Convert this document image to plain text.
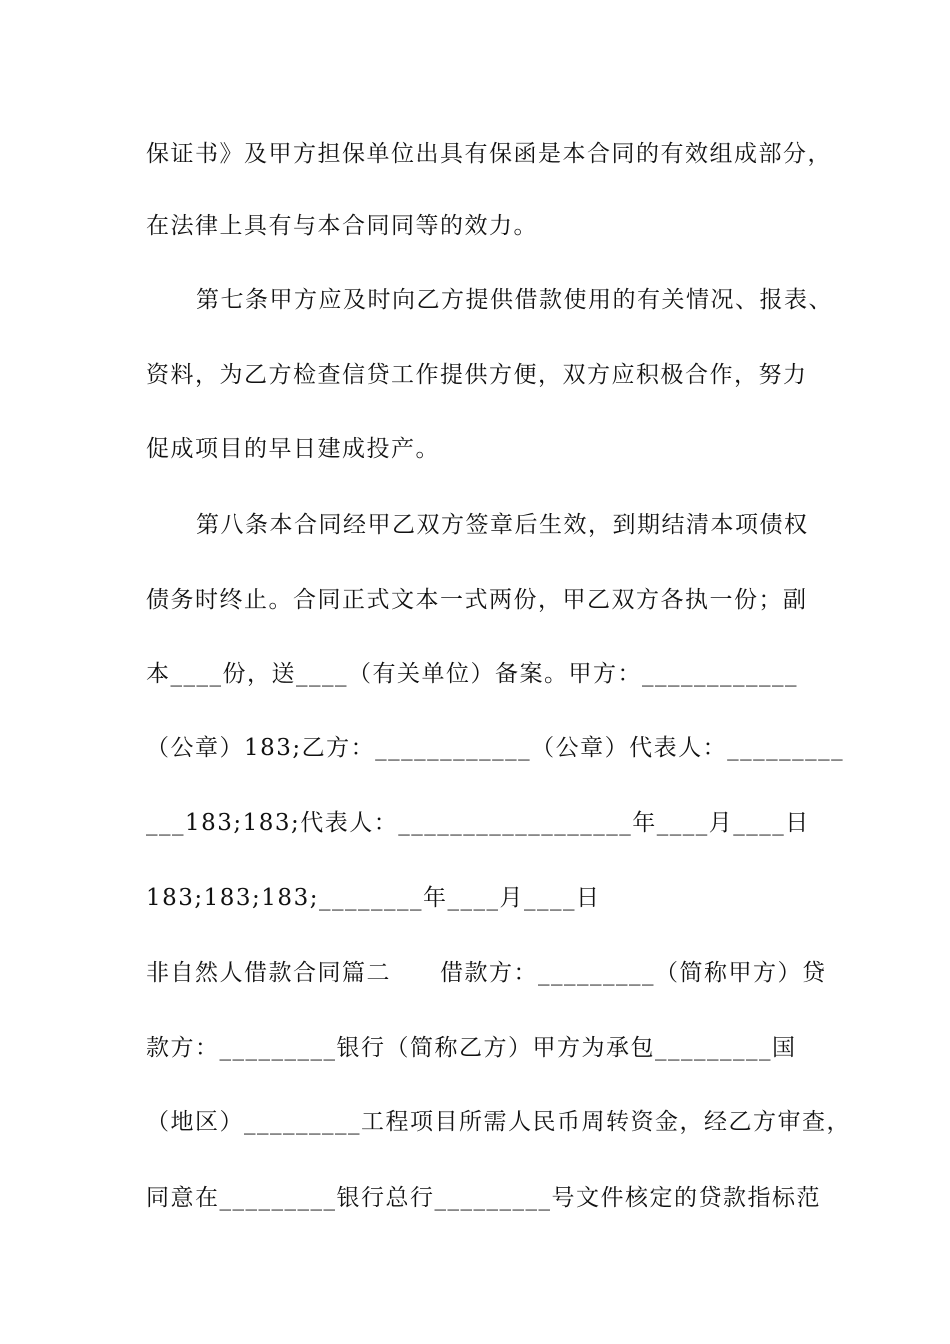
保证书》及甲方担保单位出具有保函是本合同的有效组成部分，
在法律上具有与本合同同等的效力。
第七条甲方应及时向乙方提供借款使用的有关情况、报表、
资料，为乙方检查信贷工作提供方便，双方应积极合作，努力
促成项目的早日建成投产。
第八条本合同经甲乙双方签章后生效，到期结清本项债权
债务时终止。合同正式文本一式两份，甲乙双方各执一份；副
本____份，送____（有关单位）备案。甲方：____________
（公章）183;乙方：____________（公章）代表人：_________
___183;183;代表人：__________________年____月____日
183;183;183;________年____月____日
非自然人借款合同篇二　　借款方：_________（简称甲方）贷
款方：_________银行（简称乙方）甲方为承包_________国
（地区）_________工程项目所需人民币周转资金，经乙方审查，
同意在_________银行总行_________号文件核定的贷款指标范
